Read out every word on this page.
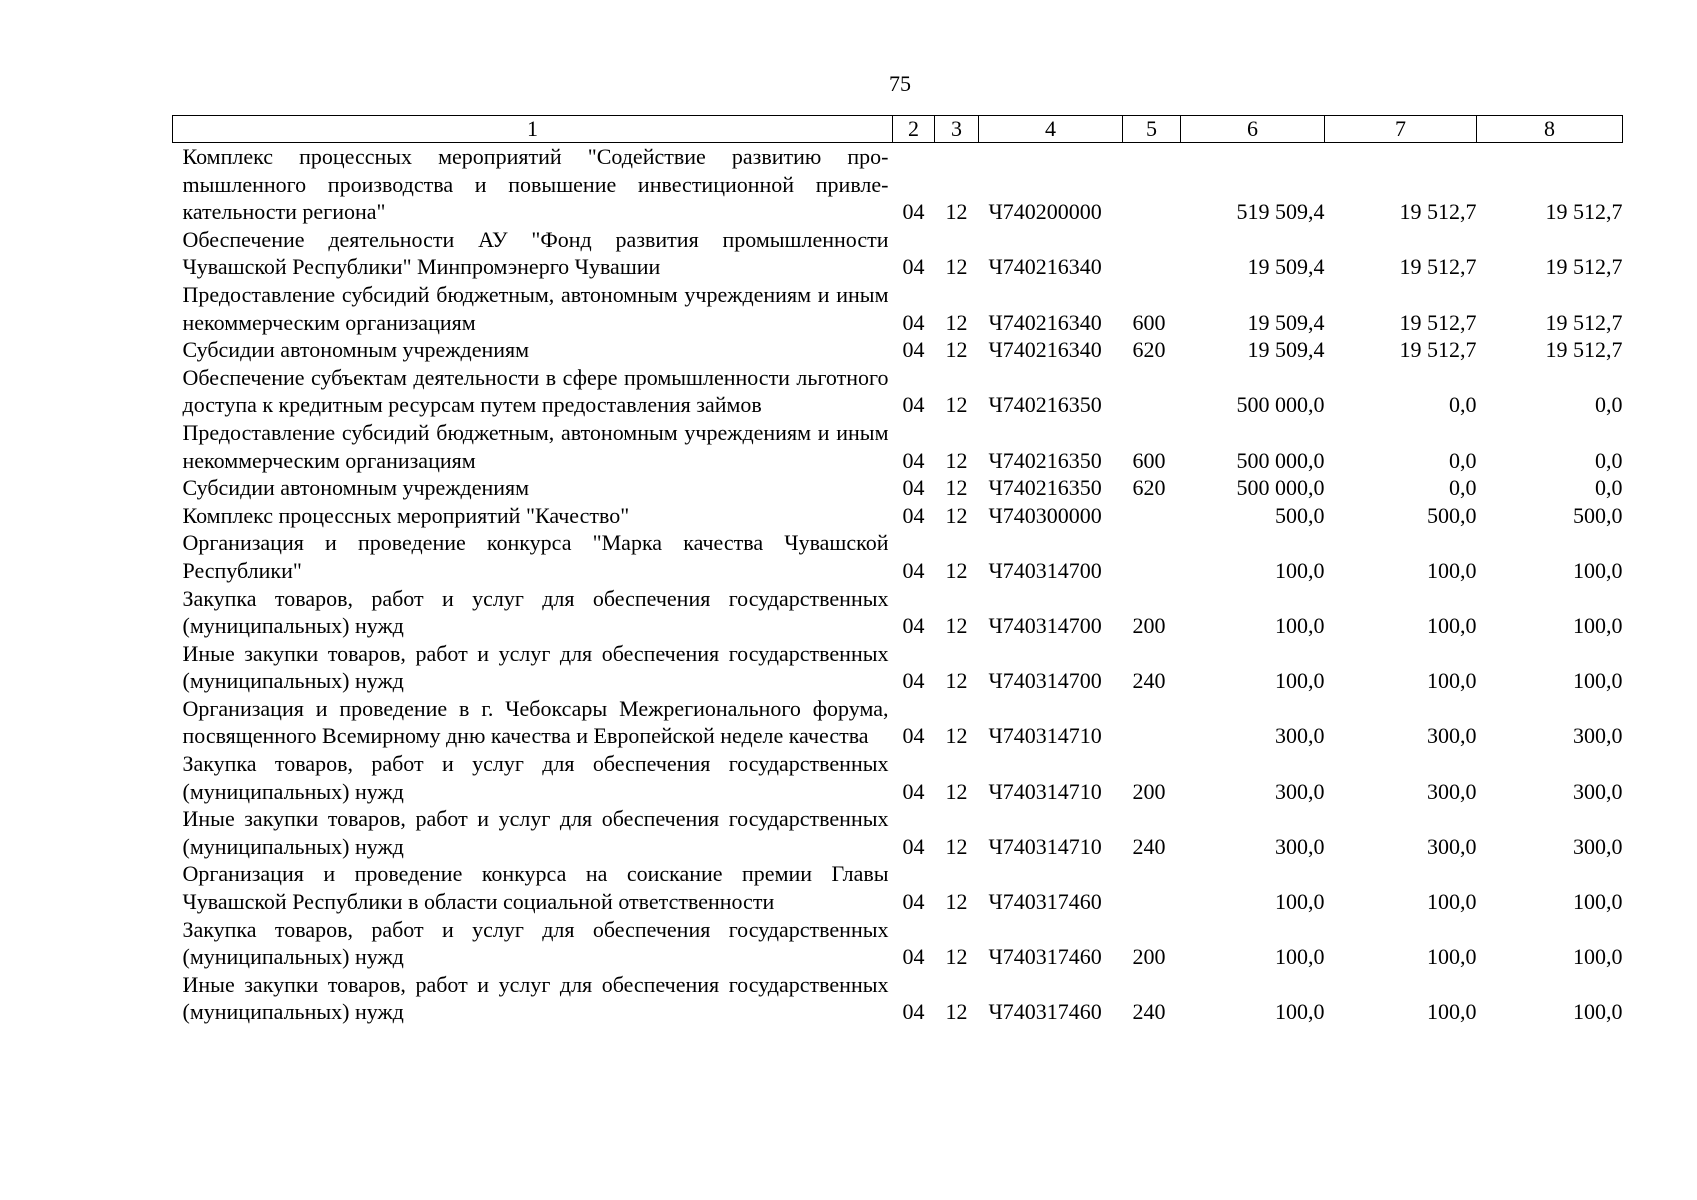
75
1	2	3	4	5	6	7	8
Комплекс процессных мероприятий "Содействие развитию проmышленного производства и повышение инвестиционной привлекательности региона"	04	12	Ч740200000		519 509,4	19 512,7	19 512,7
Обеспечение деятельности АУ "Фонд развития промышленности Чувашской Республики" Минпромэнерго Чувашии	04	12	Ч740216340		19 509,4	19 512,7	19 512,7
Предоставление субсидий бюджетным, автономным учреждениям и иным некоммерческим организациям	04	12	Ч740216340	600	19 509,4	19 512,7	19 512,7
Субсидии автономным учреждениям	04	12	Ч740216340	620	19 509,4	19 512,7	19 512,7
Обеспечение субъектам деятельности в сфере промышленности льготного доступа к кредитным ресурсам путем предоставления займов	04	12	Ч740216350		500 000,0	0,0	0,0
Предоставление субсидий бюджетным, автономным учреждениям и иным некоммерческим организациям	04	12	Ч740216350	600	500 000,0	0,0	0,0
Субсидии автономным учреждениям	04	12	Ч740216350	620	500 000,0	0,0	0,0
Комплекс процессных мероприятий "Качество"	04	12	Ч740300000		500,0	500,0	500,0
Организация и проведение конкурса "Марка качества Чувашской Республики"	04	12	Ч740314700		100,0	100,0	100,0
Закупка товаров, работ и услуг для обеспечения государственных (муниципальных) нужд	04	12	Ч740314700	200	100,0	100,0	100,0
Иные закупки товаров, работ и услуг для обеспечения государственных (муниципальных) нужд	04	12	Ч740314700	240	100,0	100,0	100,0
Организация и проведение в г. Чебоксары Межрегионального форума, посвященного Всемирному дню качества и Европейской неделе качества	04	12	Ч740314710		300,0	300,0	300,0
Закупка товаров, работ и услуг для обеспечения государственных (муниципальных) нужд	04	12	Ч740314710	200	300,0	300,0	300,0
Иные закупки товаров, работ и услуг для обеспечения государственных (муниципальных) нужд	04	12	Ч740314710	240	300,0	300,0	300,0
Организация и проведение конкурса на соискание премии Главы Чувашской Республики в области социальной ответственности	04	12	Ч740317460		100,0	100,0	100,0
Закупка товаров, работ и услуг для обеспечения государственных (муниципальных) нужд	04	12	Ч740317460	200	100,0	100,0	100,0
Иные закупки товаров, работ и услуг для обеспечения государственных (муниципальных) нужд	04	12	Ч740317460	240	100,0	100,0	100,0
